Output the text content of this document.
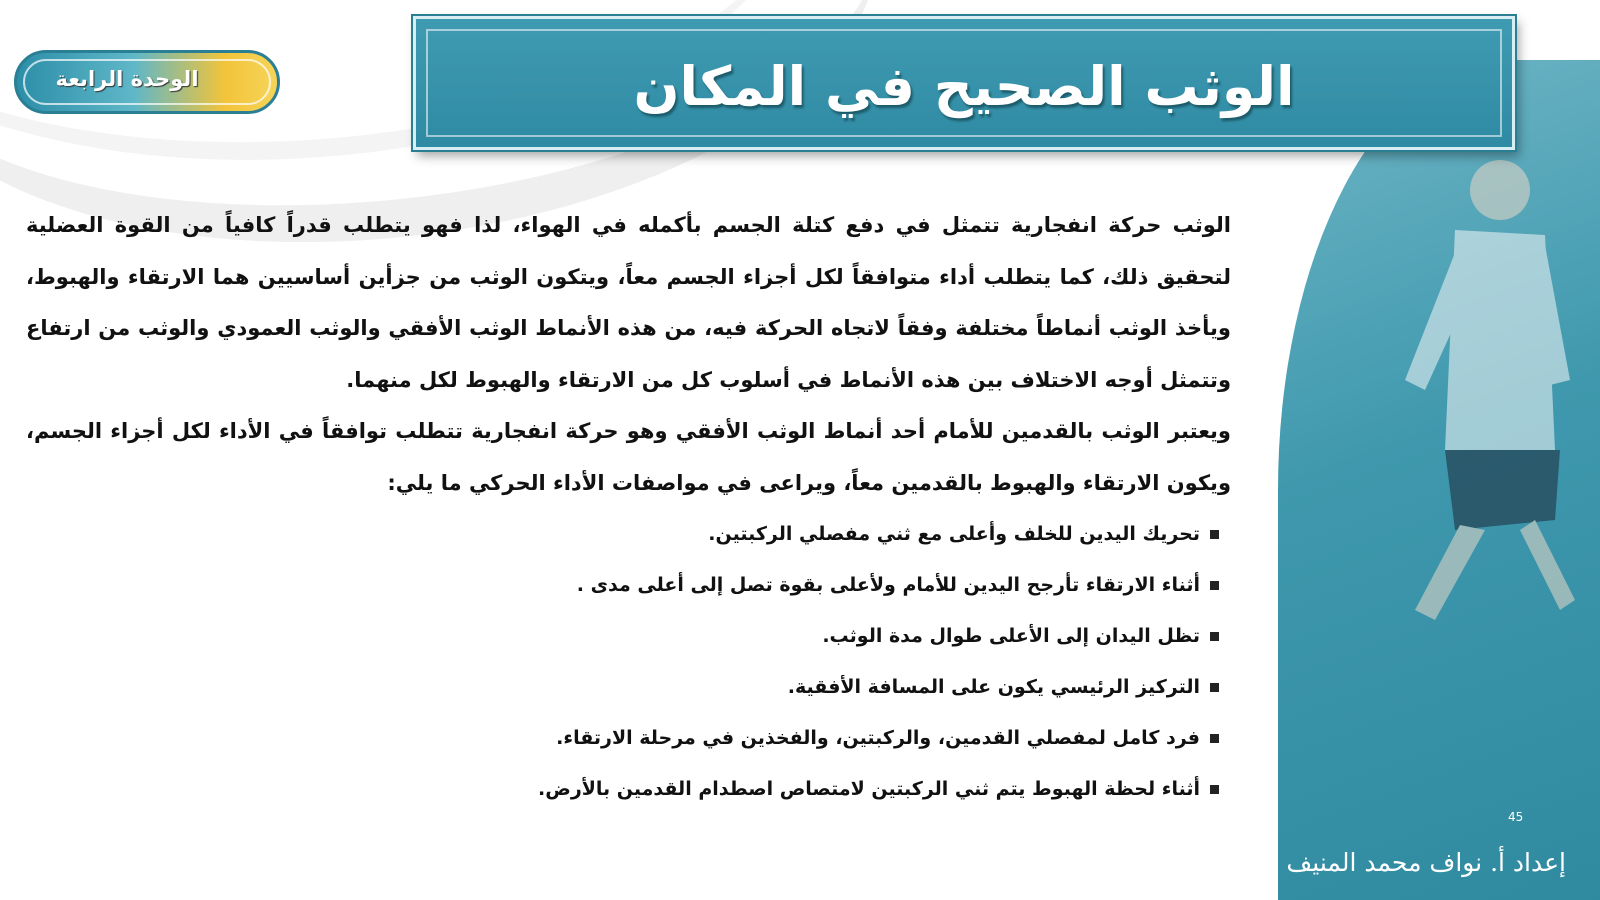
الوحدة الرابعة	الوثب الصحيح في المكان

الوثب حركة انفجارية تتمثل في دفع كتلة الجسم بأكمله في الهواء، لذا فهو يتطلب قدراً كافياً من القوة العضلية لتحقيق ذلك، كما يتطلب أداء متوافقاً لكل أجزاء الجسم معاً، ويتكون الوثب من جزأين أساسيين هما الارتقاء والهبوط، ويأخذ الوثب أنماطاً مختلفة وفقاً لاتجاه الحركة فيه، من هذه الأنماط الوثب الأفقي والوثب العمودي والوثب من ارتفاع وتتمثل أوجه الاختلاف بين هذه الأنماط في أسلوب كل من الارتقاء والهبوط لكل منهما.

ويعتبر الوثب بالقدمين للأمام أحد أنماط الوثب الأفقي وهو حركة انفجارية تتطلب توافقاً في الأداء لكل أجزاء الجسم، ويكون الارتقاء والهبوط بالقدمين معاً، ويراعى في مواصفات الأداء الحركي ما يلي:

تحريك اليدين للخلف وأعلى مع ثني مفصلي الركبتين.
أثناء الارتقاء تأرجح اليدين للأمام ولأعلى بقوة تصل إلى أعلى مدى .
تظل اليدان إلى الأعلى طوال مدة الوثب.
التركيز الرئيسي يكون على المسافة الأفقية.
فرد كامل لمفصلي القدمين، والركبتين، والفخذين في مرحلة الارتقاء.
أثناء لحظة الهبوط يتم ثني الركبتين لامتصاص اصطدام القدمين بالأرض.
45
إعداد أ. نواف محمد المنيف
